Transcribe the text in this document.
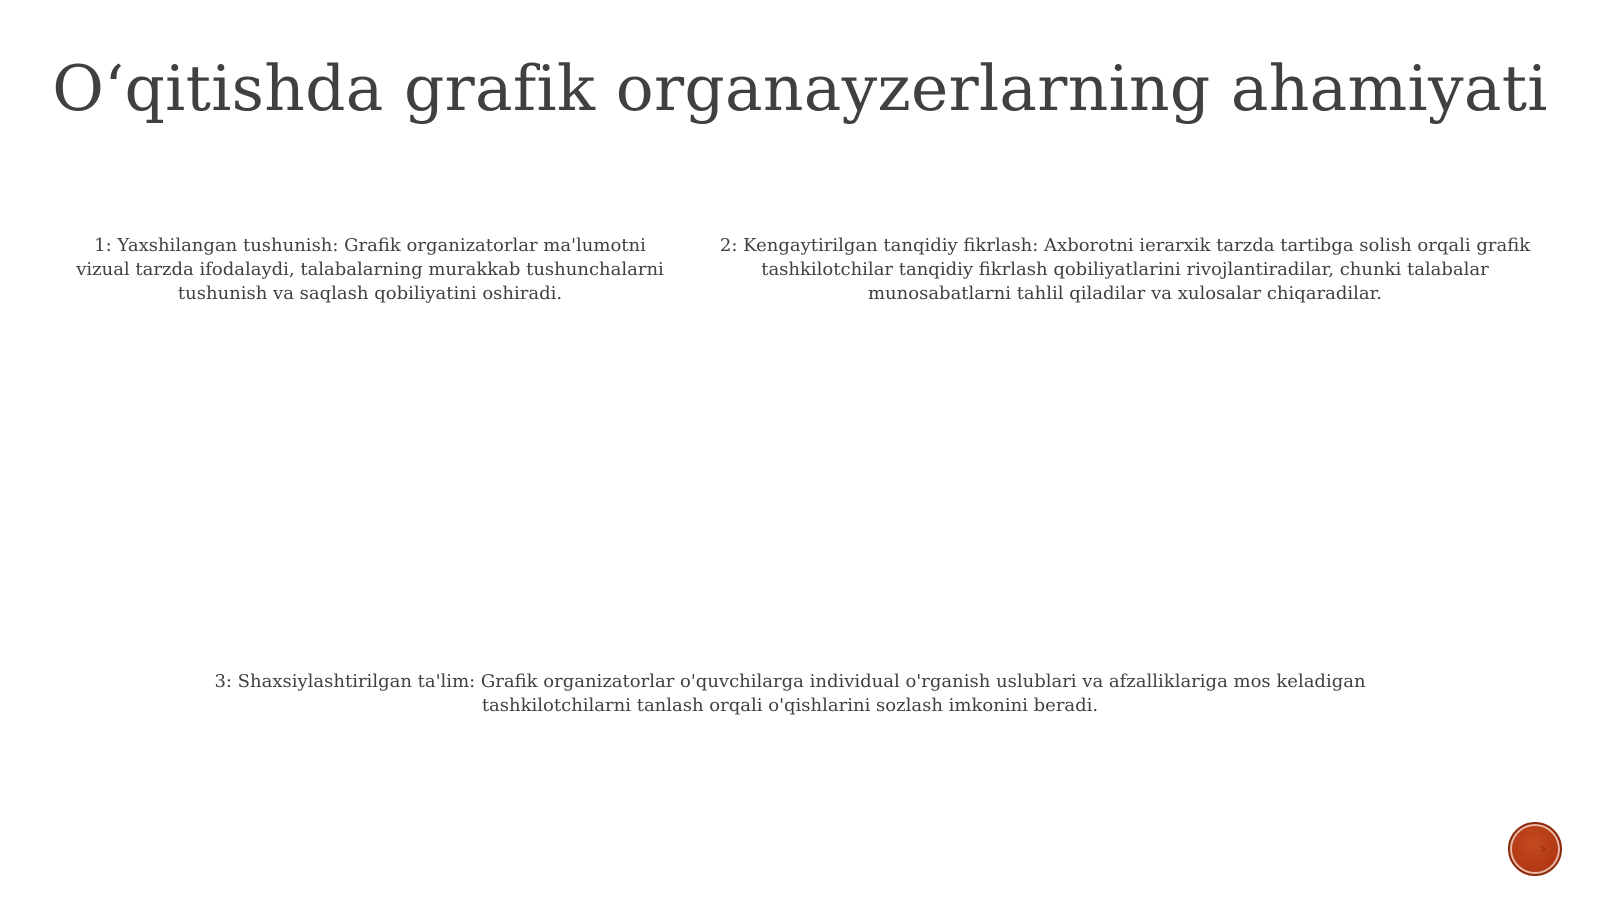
O‘qitishda grafik organayzerlarning ahamiyati
1: Yaxshilangan tushunish: Grafik organizatorlar ma'lumotni vizual tarzda ifodalaydi, talabalarning murakkab tushunchalarni tushunish va saqlash qobiliyatini oshiradi.
2: Kengaytirilgan tanqidiy fikrlash: Axborotni ierarxik tarzda tartibga solish orqali grafik tashkilotchilar tanqidiy fikrlash qobiliyatlarini rivojlantiradilar, chunki talabalar munosabatlarni tahlil qiladilar va xulosalar chiqaradilar.
3: Shaxsiylashtirilgan ta'lim: Grafik organizatorlar o'quvchilarga individual o'rganish uslublari va afzalliklariga mos keladigan tashkilotchilarni tanlash orqali o'qishlarini sozlash imkonini beradi.
